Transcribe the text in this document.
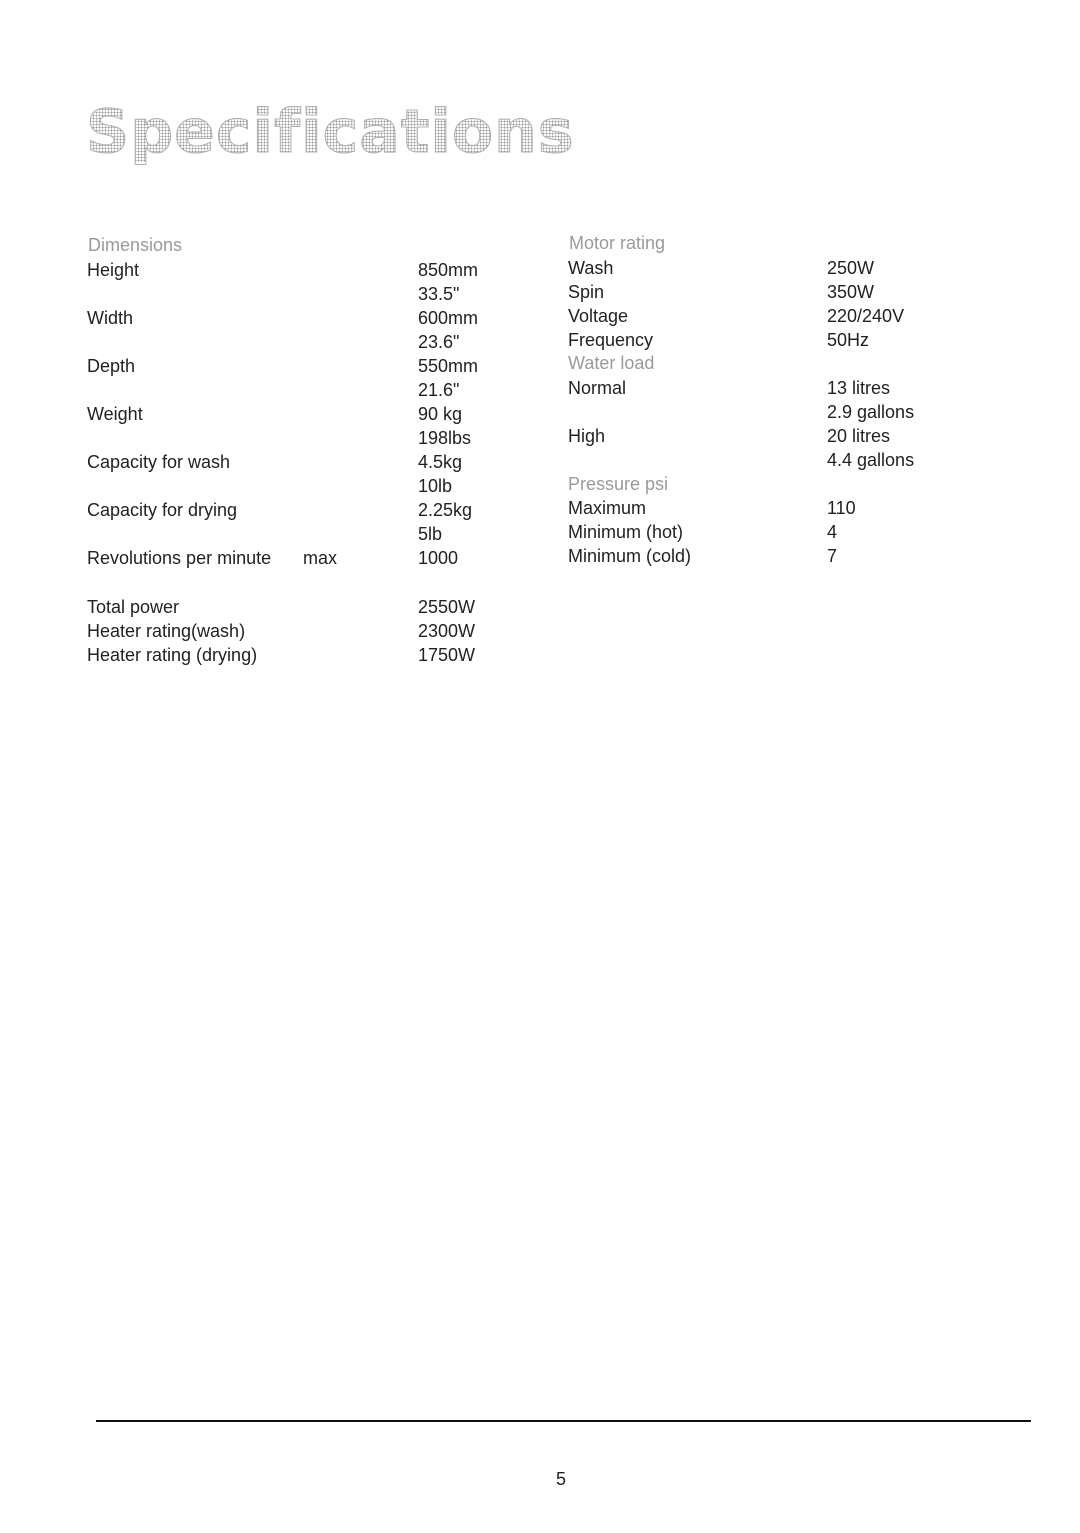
Specifications
Dimensions
Height
Width
Depth
Weight
Capacity for wash
Capacity for drying
Revolutions per minute max
Total power
Heater rating(wash)
Heater rating (drying)
850mm
33.5"
600mm
23.6"
550mm
21.6"
90 kg
198lbs
4.5kg
10lb
2.25kg
5lb
1000
2550W
2300W
1750W
Motor rating
Wash
Spin
Voltage
Frequency
Water load
Normal
High
Pressure psi
Maximum
Minimum (hot)
Minimum (cold)
250W
350W
220/240V
50Hz
13 litres
2.9 gallons
20 litres
4.4 gallons
110
4
7
5
